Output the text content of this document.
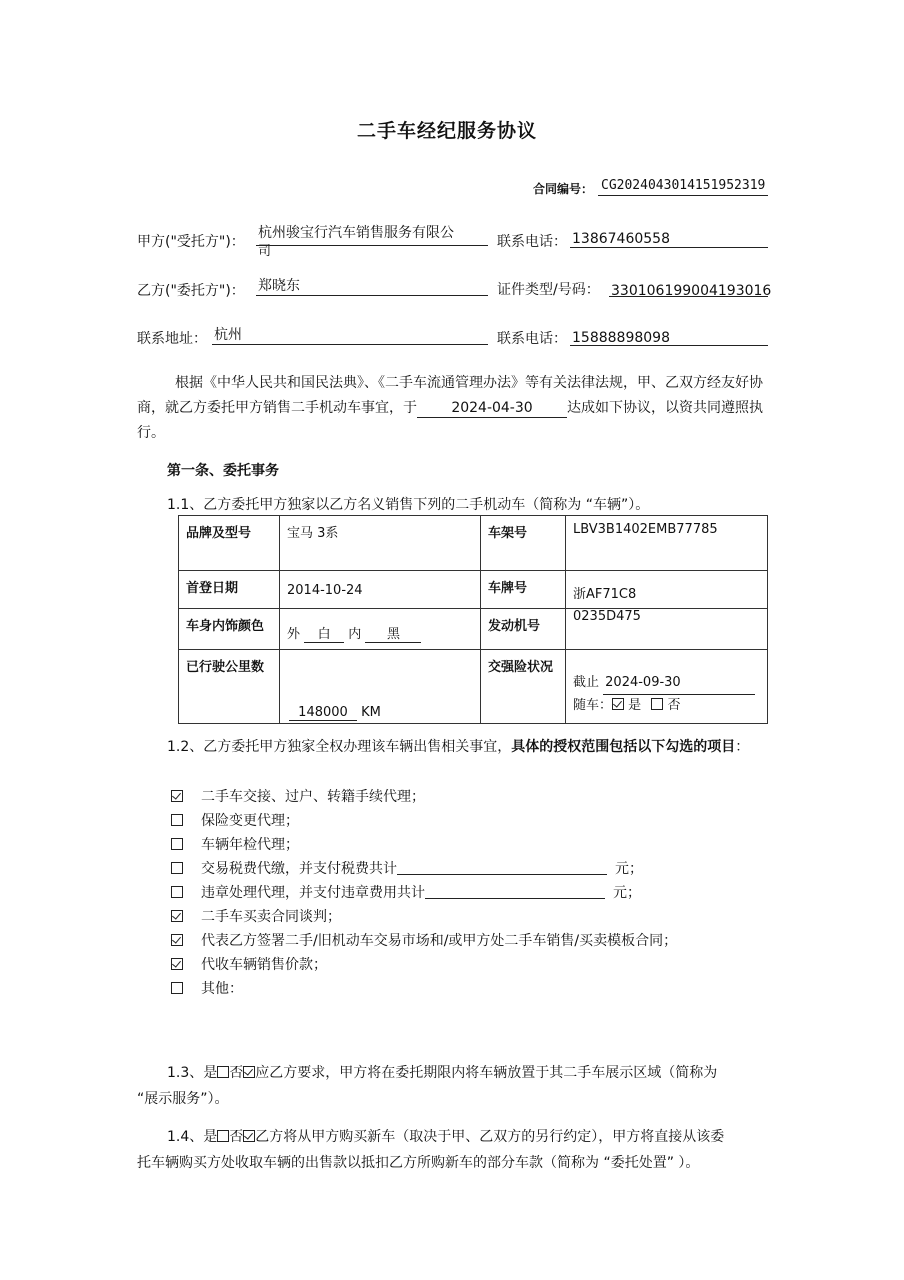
二手车经纪服务协议
合同编号： CG2024043014151952319
甲方("受托方")：
杭州骏宝行汽车销售服务有限公
司
联系电话： 13867460558
乙方("委托方")： 郑晓东	证件类型/号码： 330106199004193016
联系地址： 杭州	联系电话： 15888898098
根据《中华人民共和国民法典》、《二手车流通管理办法》等有关法律法规，甲、乙双方经友好协商，就乙方委托甲方销售二手机动车事宜，于 2024-04-30 达成如下协议，以资共同遵照执行。
第一条、委托事务
1.1、乙方委托甲方独家以乙方名义销售下列的二手机动车（简称为 “车辆”）。
品牌及型号	宝马 3系	车架号	LBV3B1402EMB77785
首登日期	2014-10-24	车牌号	浙AF71C8
车身内饰颜色	外 白 内 黑	发动机号	0235D475
已行驶公里数	148000 KM	交强险状况	截止 2024-09-30
随车： 是 否
1.2、乙方委托甲方独家全权办理该车辆出售相关事宜，具体的授权范围包括以下勾选的项目：
二手车交接、过户、转籍手续代理；
保险变更代理；
车辆年检代理；
交易税费代缴，并支付税费共计	元；
违章处理代理，并支付违章费用共计	元；
二手车买卖合同谈判；
代表乙方签署二手/旧机动车交易市场和/或甲方处二手车销售/买卖模板合同；
代收车辆销售价款；
其他：
1.3、是 否 应乙方要求，甲方将在委托期限内将车辆放置于其二手车展示区域（简称为
“展示服务”）。
1.4、是 否 乙方将从甲方购买新车（取决于甲、乙双方的另行约定），甲方将直接从该委
托车辆购买方处收取车辆的出售款以抵扣乙方所购新车的部分车款（简称为 “委托处置” ）。
